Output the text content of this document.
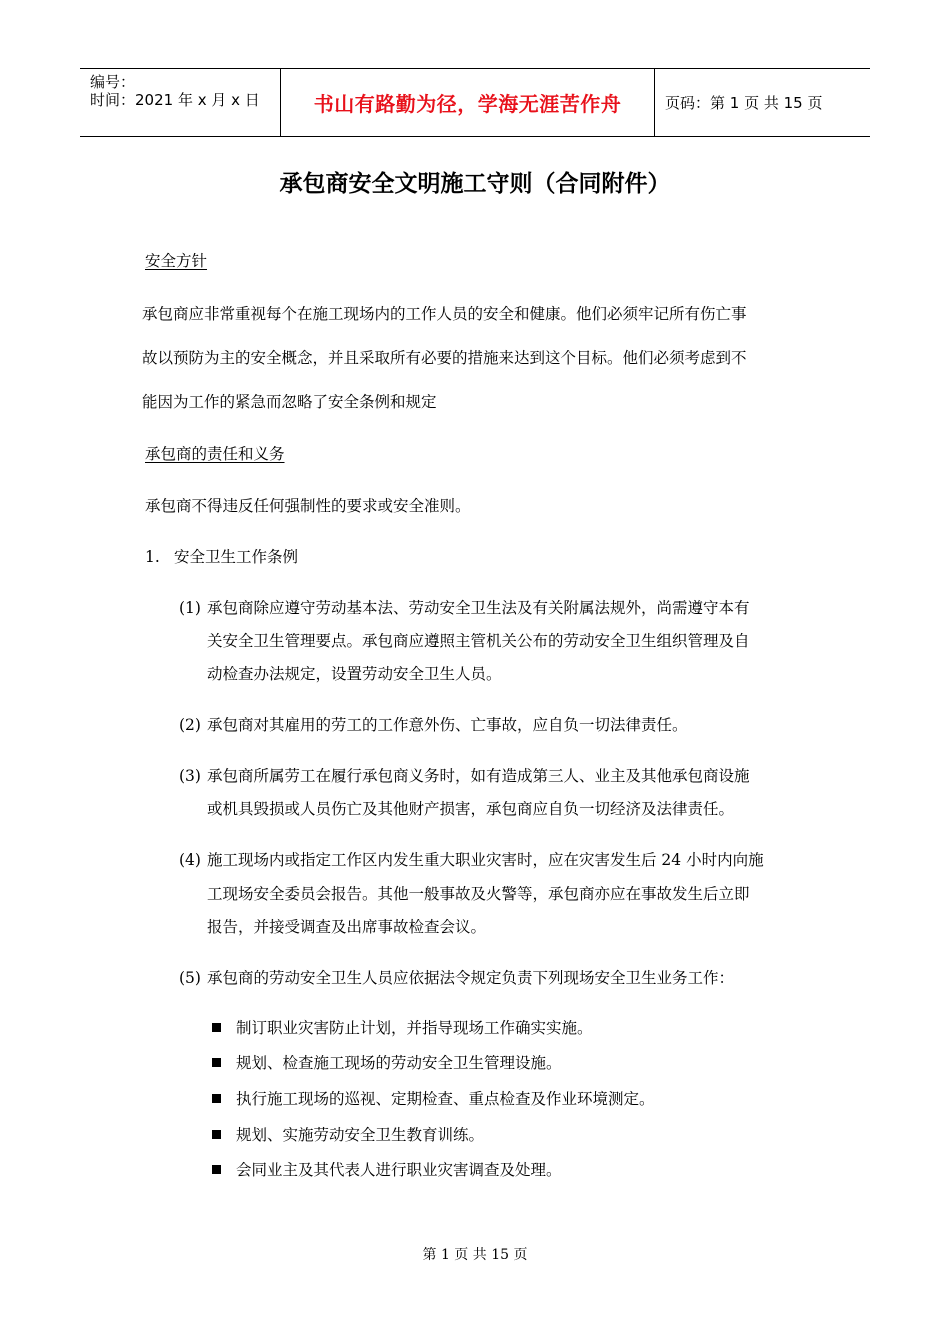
编号：
时间：2021 年 x 月 x 日	书山有路勤为径，学海无涯苦作舟	页码：第 1 页 共 15 页
承包商安全文明施工守则（合同附件）
安全方针
承包商应非常重视每个在施工现场内的工作人员的安全和健康。他们必须牢记所有伤亡事
故以预防为主的安全概念，并且采取所有必要的措施来达到这个目标。他们必须考虑到不
能因为工作的紧急而忽略了安全条例和规定
承包商的责任和义务
承包商不得违反任何强制性的要求或安全准则。
1. 安全卫生工作条例
(1) 承包商除应遵守劳动基本法、劳动安全卫生法及有关附属法规外，尚需遵守本有
关安全卫生管理要点。承包商应遵照主管机关公布的劳动安全卫生组织管理及自
动检查办法规定，设置劳动安全卫生人员。
(2) 承包商对其雇用的劳工的工作意外伤、亡事故，应自负一切法律责任。
(3) 承包商所属劳工在履行承包商义务时，如有造成第三人、业主及其他承包商设施
或机具毁损或人员伤亡及其他财产损害，承包商应自负一切经济及法律责任。
(4) 施工现场内或指定工作区内发生重大职业灾害时，应在灾害发生后 24 小时内向施
工现场安全委员会报告。其他一般事故及火警等，承包商亦应在事故发生后立即
报告，并接受调查及出席事故检查会议。
(5) 承包商的劳动安全卫生人员应依据法令规定负责下列现场安全卫生业务工作：
制订职业灾害防止计划，并指导现场工作确实实施。
规划、检查施工现场的劳动安全卫生管理设施。
执行施工现场的巡视、定期检查、重点检查及作业环境测定。
规划、实施劳动安全卫生教育训练。
会同业主及其代表人进行职业灾害调查及处理。
第 1 页 共 15 页
